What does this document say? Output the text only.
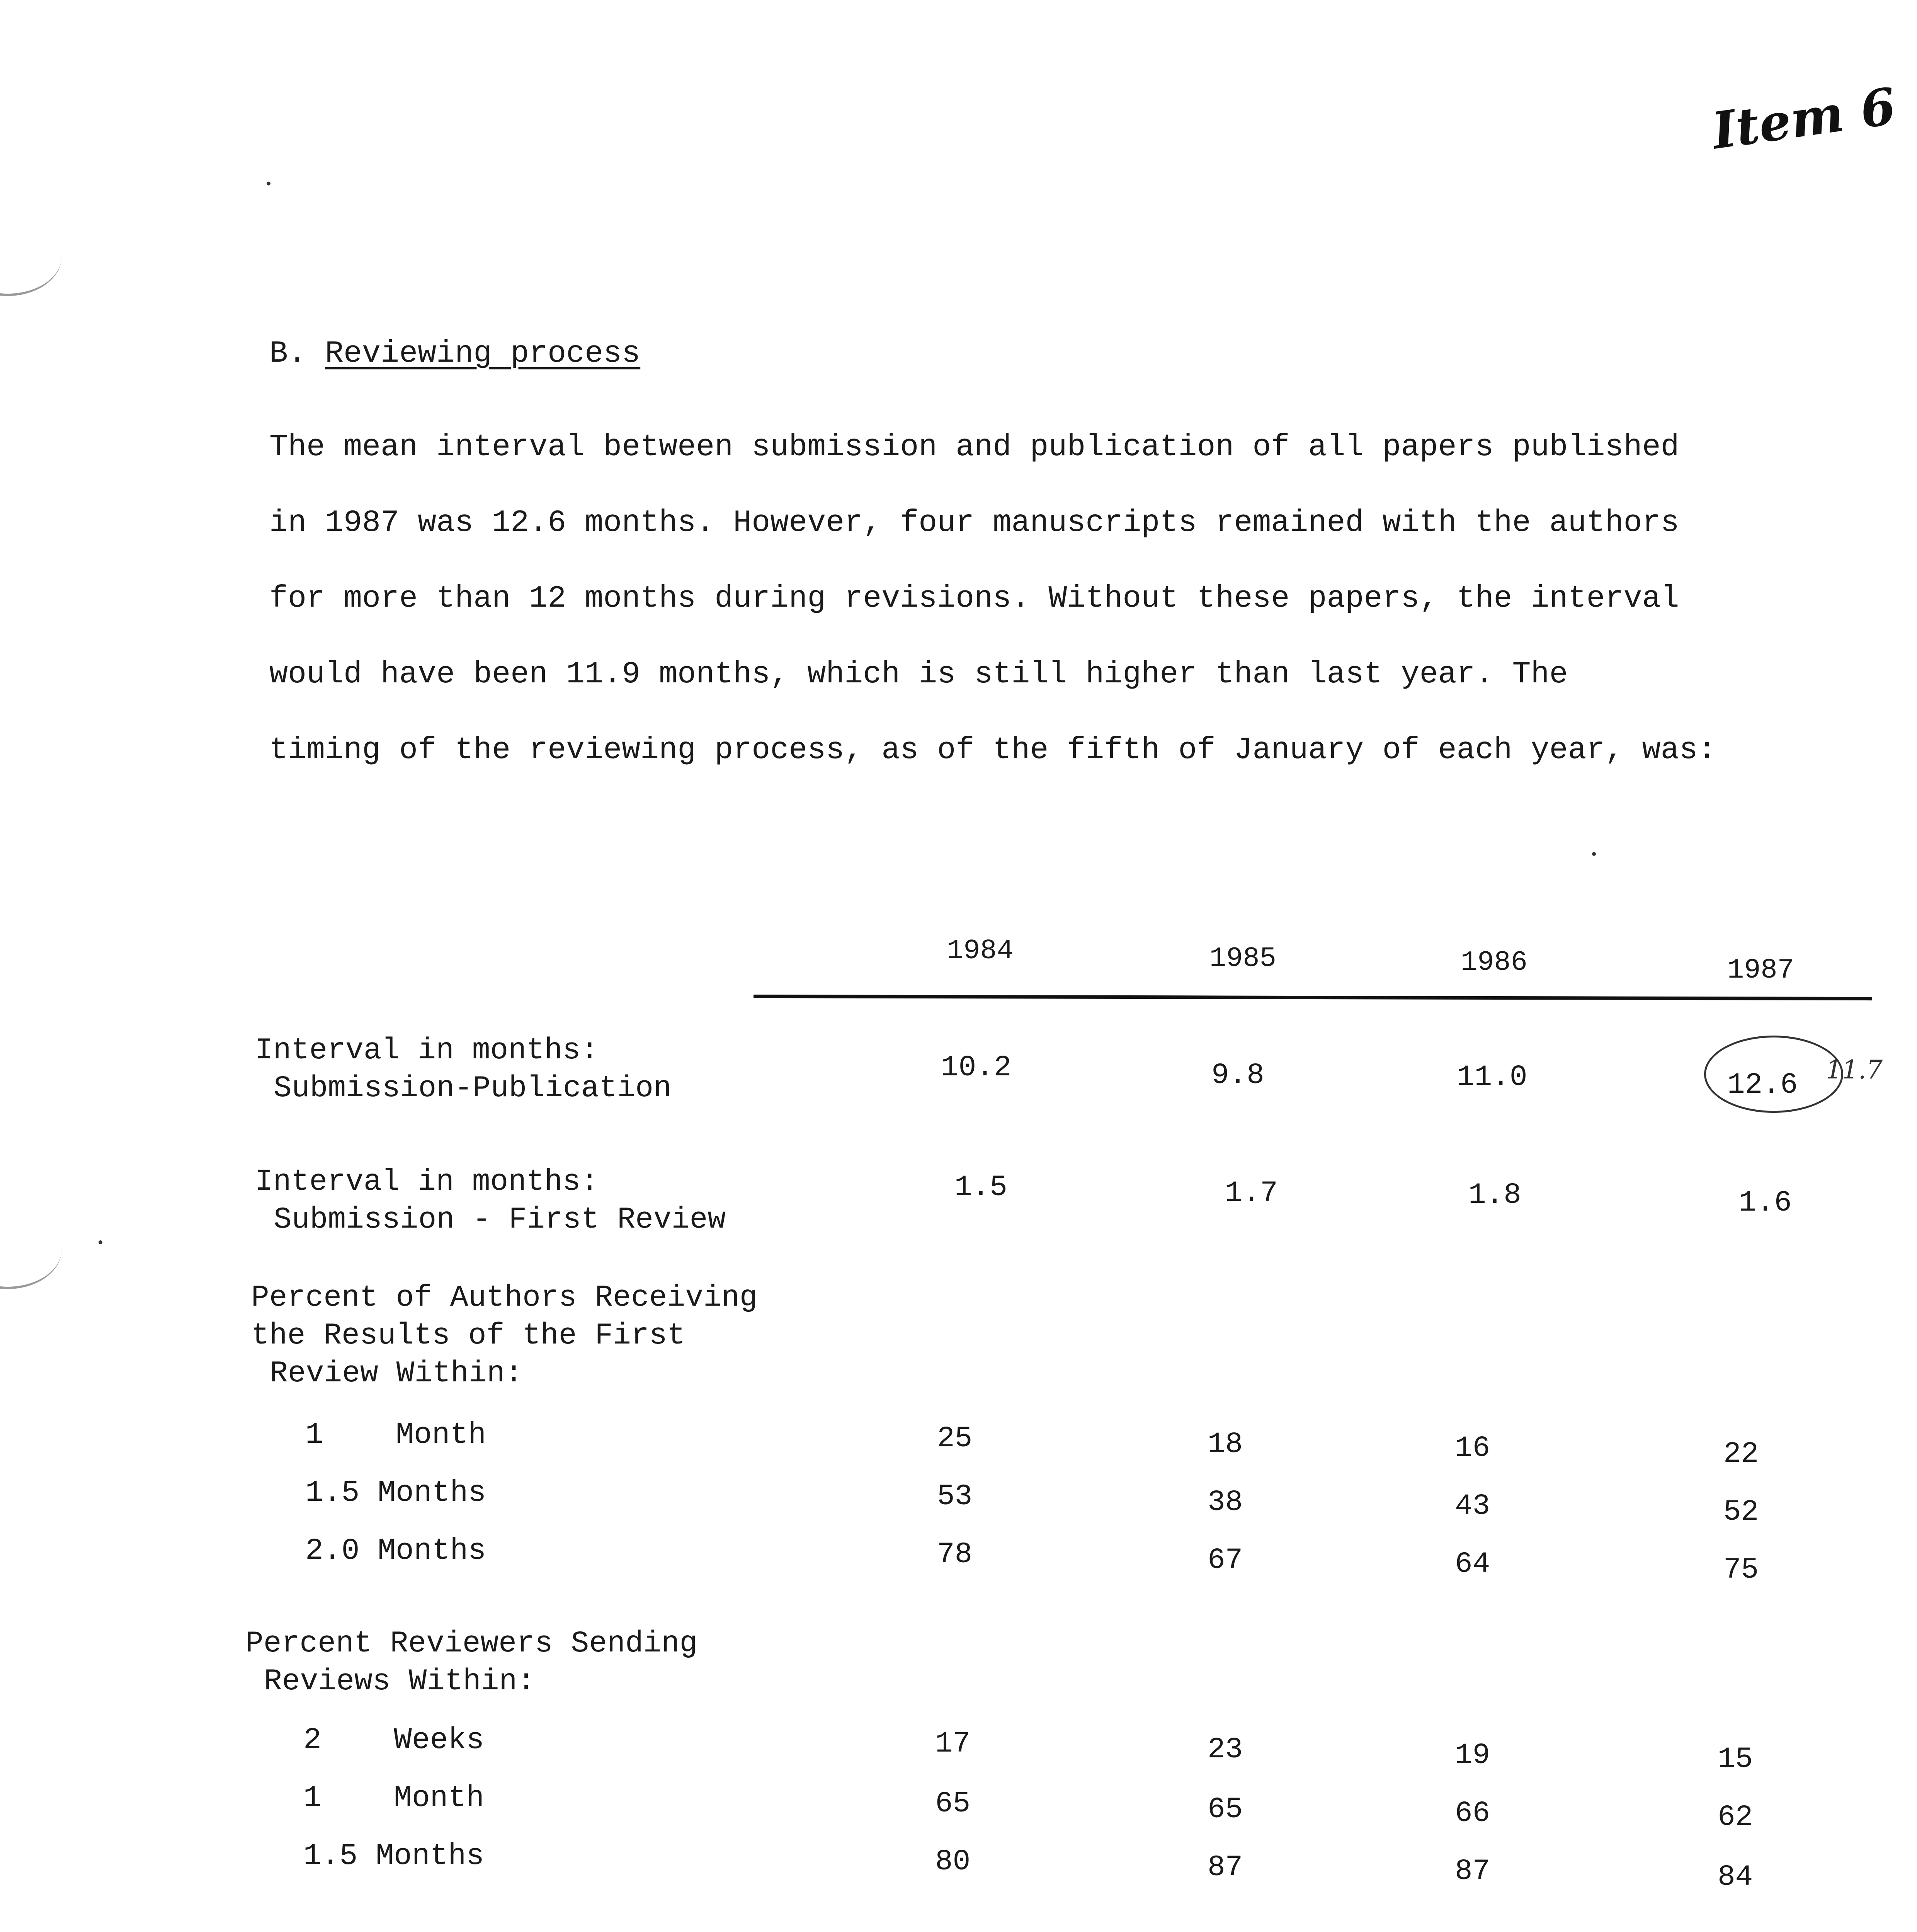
Item 6
B. Reviewing process
The mean interval between submission and publication of all papers published
in 1987 was 12.6 months. However, four manuscripts remained with the authors
for more than 12 months during revisions. Without these papers, the interval
would have been 11.9 months, which is still higher than last year. The
timing of the reviewing process, as of the fifth of January of each year, was:
1984	1985	1986	1987
Interval in months:
Submission-Publication
10.2	9.8	11.0	12.6 11.7
Interval in months:
Submission - First Review
1.5	1.7	1.8	1.6
Percent of Authors Receiving
the Results of the First
Review Within:
1    Month	25	18	16	22
1.5 Months	53	38	43	52
2.0 Months	78	67	64	75
Percent Reviewers Sending
Reviews Within:
2    Weeks	17	23	19	15
1    Month	65	65	66	62
1.5 Months	80	87	87	84
